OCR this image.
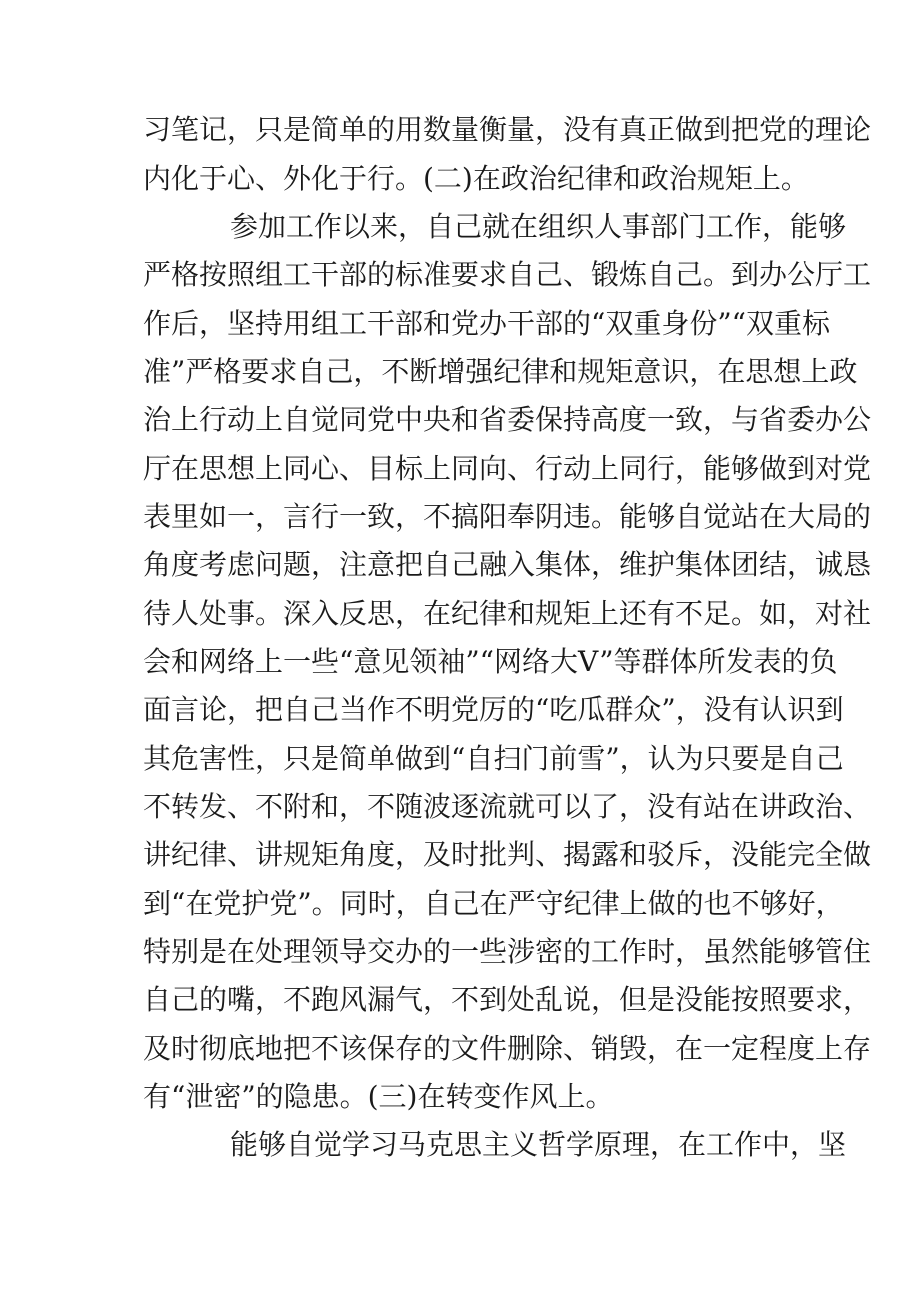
习笔记，只是简单的用数量衡量，没有真正做到把党的理论
内化于心、外化于行。(二)在政治纪律和政治规矩上。
参加工作以来，自己就在组织人事部门工作，能够
严格按照组工干部的标准要求自己、锻炼自己。到办公厅工
作后，坚持用组工干部和党办干部的“双重身份”“双重标
准”严格要求自己，不断增强纪律和规矩意识，在思想上政
治上行动上自觉同党中央和省委保持高度一致，与省委办公
厅在思想上同心、目标上同向、行动上同行，能够做到对党
表里如一，言行一致，不搞阳奉阴违。能够自觉站在大局的
角度考虑问题，注意把自己融入集体，维护集体团结，诚恳
待人处事。深入反思，在纪律和规矩上还有不足。如，对社
会和网络上一些“意见领袖”“网络大V”等群体所发表的负
面言论，把自己当作不明党厉的“吃瓜群众”，没有认识到
其危害性，只是简单做到“自扫门前雪”，认为只要是自己
不转发、不附和，不随波逐流就可以了，没有站在讲政治、
讲纪律、讲规矩角度，及时批判、揭露和驳斥，没能完全做
到“在党护党”。同时，自己在严守纪律上做的也不够好，
特别是在处理领导交办的一些涉密的工作时，虽然能够管住
自己的嘴，不跑风漏气，不到处乱说，但是没能按照要求，
及时彻底地把不该保存的文件删除、销毁，在一定程度上存
有“泄密”的隐患。(三)在转变作风上。
能够自觉学习马克思主义哲学原理，在工作中，坚
